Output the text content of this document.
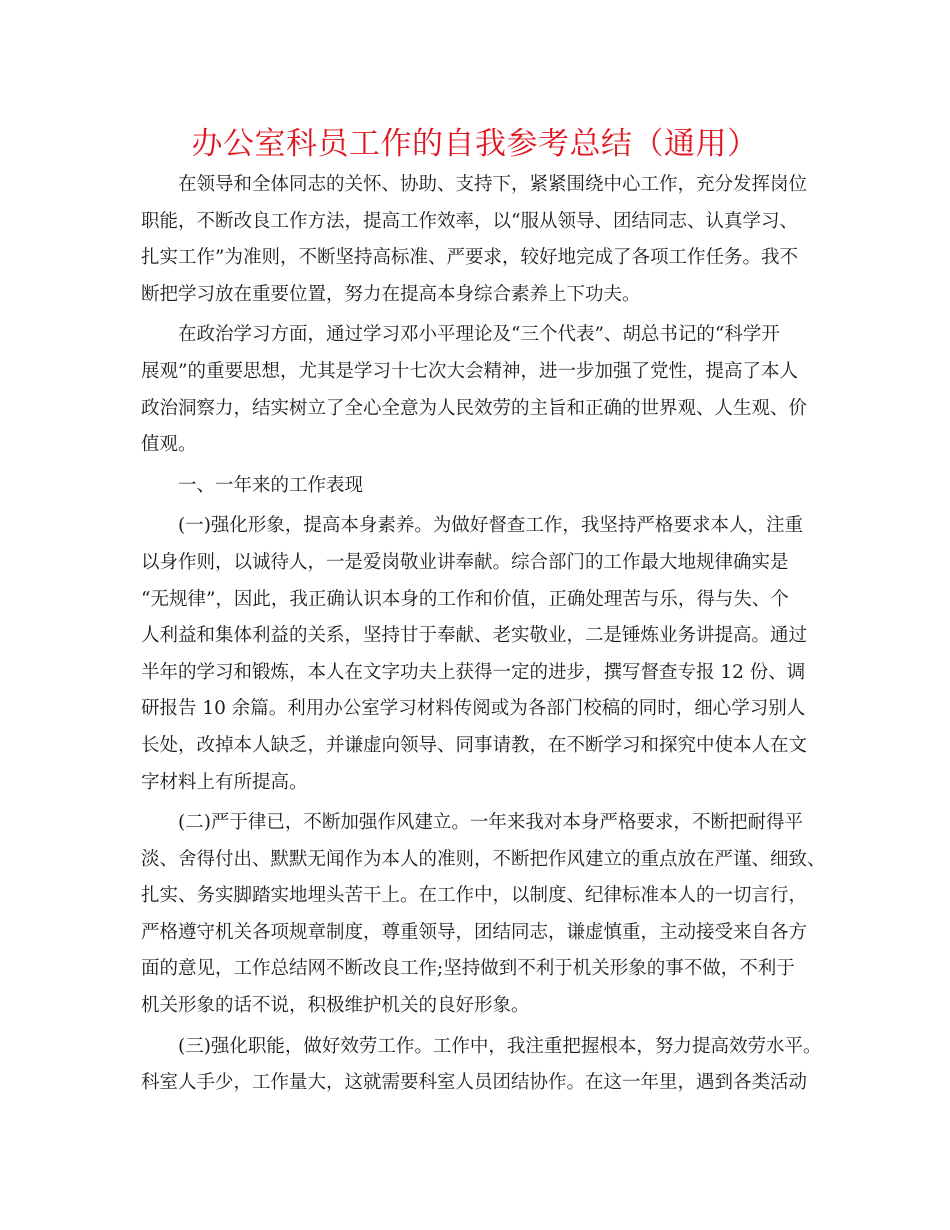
办公室科员工作的自我参考总结（通用）

在领导和全体同志的关怀、协助、支持下，紧紧围绕中心工作，充分发挥岗位
职能，不断改良工作方法，提高工作效率，以“服从领导、团结同志、认真学习、
扎实工作”为准则，不断坚持高标准、严要求，较好地完成了各项工作任务。我不
断把学习放在重要位置，努力在提高本身综合素养上下功夫。

在政治学习方面，通过学习邓小平理论及“三个代表”、胡总书记的“科学开
展观”的重要思想，尤其是学习十七次大会精神，进一步加强了党性，提高了本人
政治洞察力，结实树立了全心全意为人民效劳的主旨和正确的世界观、人生观、价
值观。

一、一年来的工作表现

(一)强化形象，提高本身素养。为做好督查工作，我坚持严格要求本人，注重
以身作则，以诚待人，一是爱岗敬业讲奉献。综合部门的工作最大地规律确实是
“无规律”，因此，我正确认识本身的工作和价值，正确处理苦与乐，得与失、个
人利益和集体利益的关系，坚持甘于奉献、老实敬业，二是锤炼业务讲提高。通过
半年的学习和锻炼，本人在文字功夫上获得一定的进步，撰写督查专报 12 份、调
研报告 10 余篇。利用办公室学习材料传阅或为各部门校稿的同时，细心学习别人
长处，改掉本人缺乏，并谦虚向领导、同事请教，在不断学习和探究中使本人在文
字材料上有所提高。

(二)严于律已，不断加强作风建立。一年来我对本身严格要求，不断把耐得平
淡、舍得付出、默默无闻作为本人的准则，不断把作风建立的重点放在严谨、细致、
扎实、务实脚踏实地埋头苦干上。在工作中，以制度、纪律标准本人的一切言行，
严格遵守机关各项规章制度，尊重领导，团结同志，谦虚慎重，主动接受来自各方
面的意见，工作总结网不断改良工作;坚持做到不利于机关形象的事不做，不利于
机关形象的话不说，积极维护机关的良好形象。

(三)强化职能，做好效劳工作。工作中，我注重把握根本，努力提高效劳水平。
科室人手少，工作量大，这就需要科室人员团结协作。在这一年里，遇到各类活动
